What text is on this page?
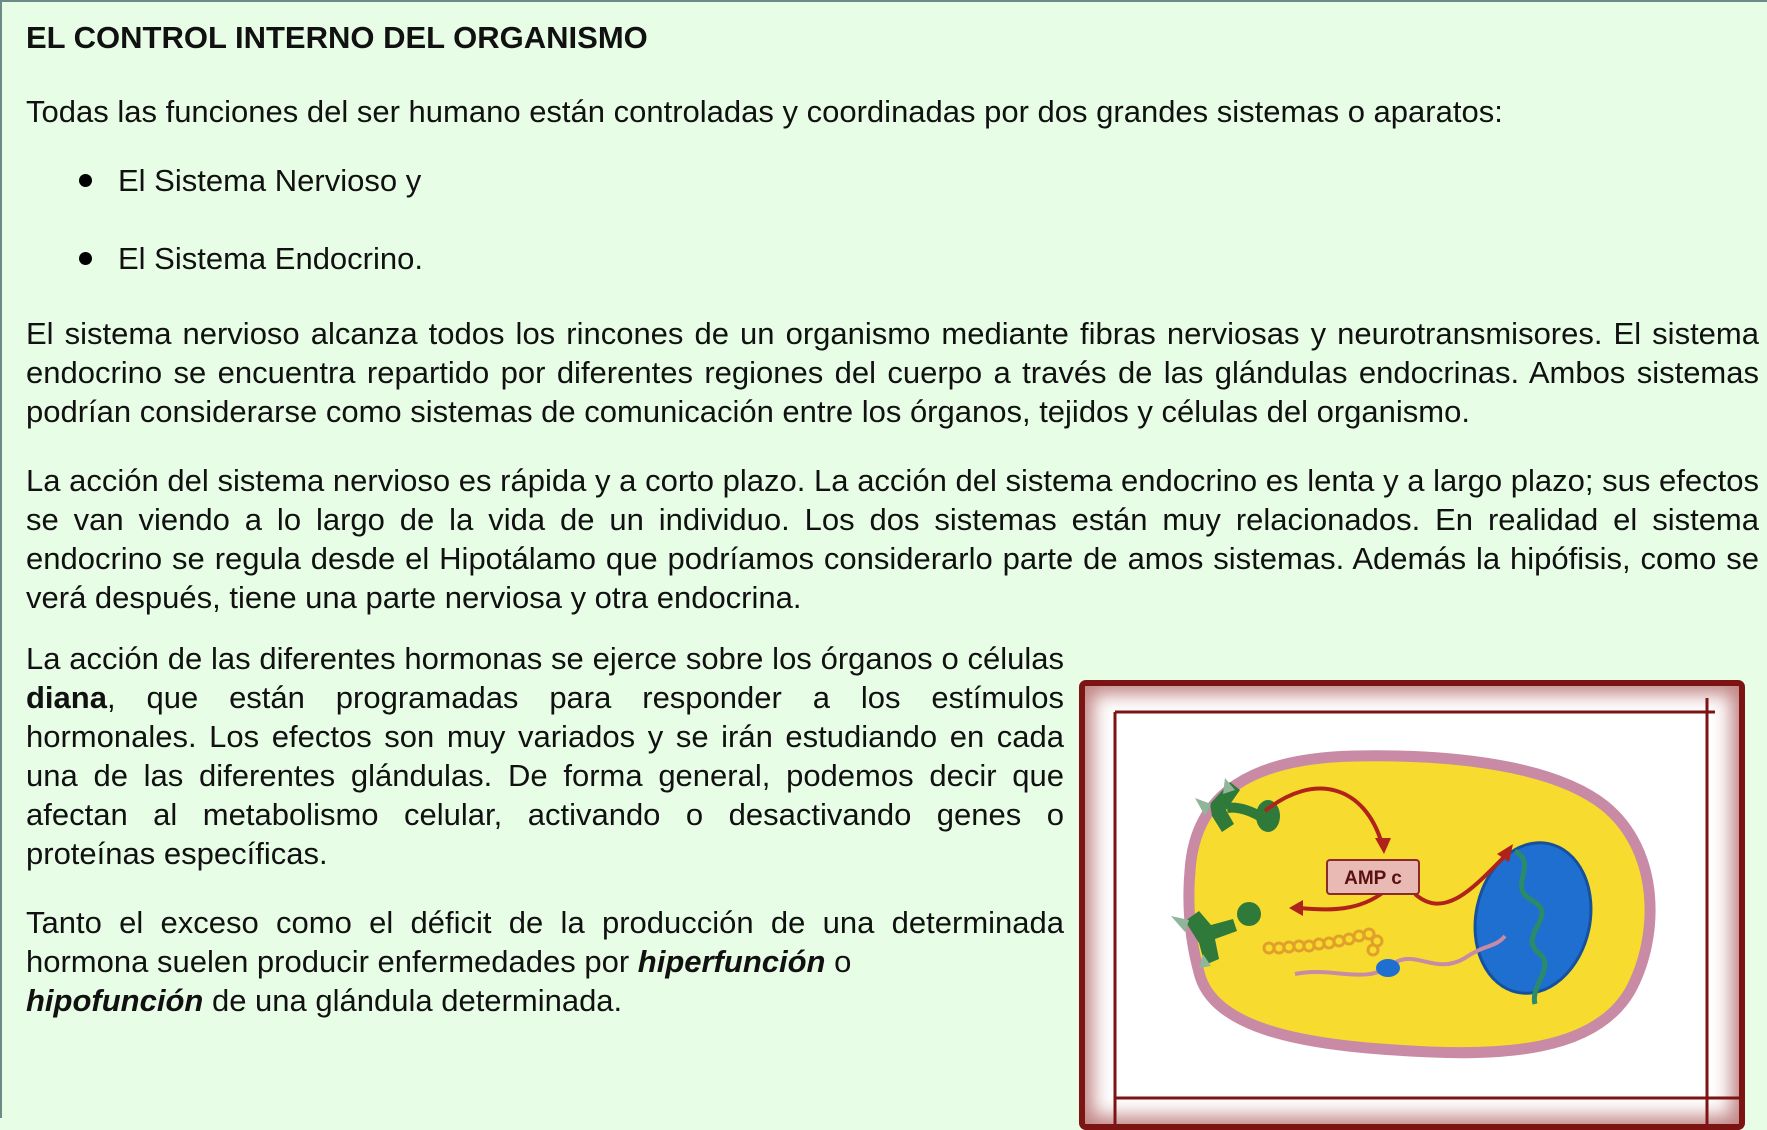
EL CONTROL INTERNO DEL ORGANISMO

Todas las funciones del ser humano están controladas y coordinadas por dos grandes sistemas o aparatos:

El Sistema Nervioso y
El Sistema Endocrino.

El sistema nervioso alcanza todos los rincones de un organismo mediante fibras nerviosas y neurotransmisores. El sistema endocrino se encuentra repartido por diferentes regiones del cuerpo a través de las glándulas endocrinas. Ambos sistemas podrían considerarse como sistemas de comunicación entre los órganos, tejidos y células del organismo.

La acción del sistema nervioso es rápida y a corto plazo. La acción del sistema endocrino es lenta y a largo plazo; sus efectos se van viendo a lo largo de la vida de un individuo. Los dos sistemas están muy relacionados. En realidad el sistema endocrino se regula desde el Hipotálamo que podríamos considerarlo parte de amos sistemas. Además la hipófisis, como se verá después, tiene una parte nerviosa y otra endocrina.

La acción de las diferentes hormonas se ejerce sobre los órganos o células diana, que están programadas para responder a los estímulos hormonales. Los efectos son muy variados y se irán estudiando en cada una de las diferentes glándulas. De forma general, podemos decir que afectan al metabolismo celular, activando o desactivando genes o proteínas específicas.

Tanto el exceso como el déficit de la producción de una determinada hormona suelen producir enfermedades por hiperfunción o
hipofunción de una glándula determinada.

AMP c
